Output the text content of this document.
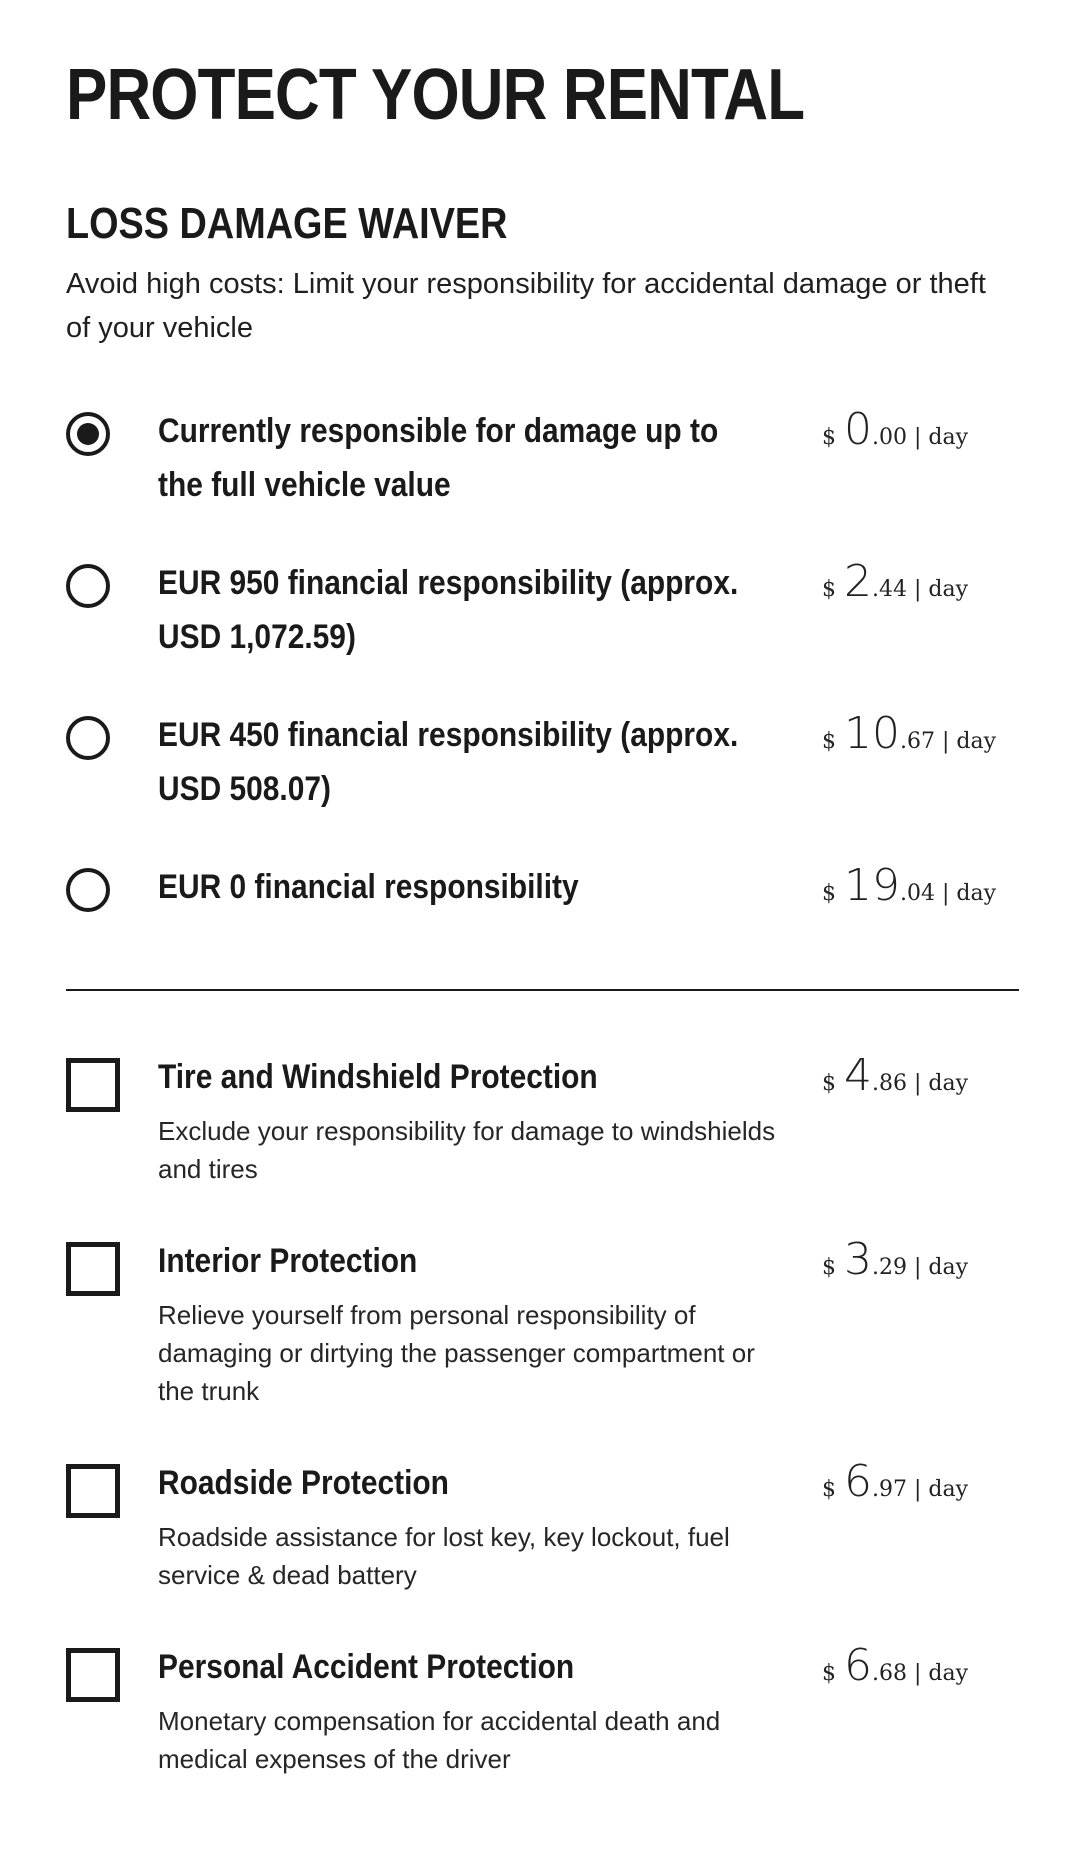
PROTECT YOUR RENTAL
LOSS DAMAGE WAIVER

Avoid high costs: Limit your responsibility for accidental damage or theft of your vehicle

Currently responsible for damage up to the full vehicle value
$ 0.00 | day
EUR 950 financial responsibility (approx. USD 1,072.59)
$ 2.44 | day
EUR 450 financial responsibility (approx. USD 508.07)
$ 10.67 | day
EUR 0 financial responsibility	$ 19.04 | day
Tire and Windshield Protection
Exclude your responsibility for damage to windshields and tires
$ 4.86 | day
Interior Protection
Relieve yourself from personal responsibility of damaging or dirtying the passenger compartment or the trunk
$ 3.29 | day
Roadside Protection
Roadside assistance for lost key, key lockout, fuel service & dead battery
$ 6.97 | day
Personal Accident Protection
Monetary compensation for accidental death and medical expenses of the driver
$ 6.68 | day
